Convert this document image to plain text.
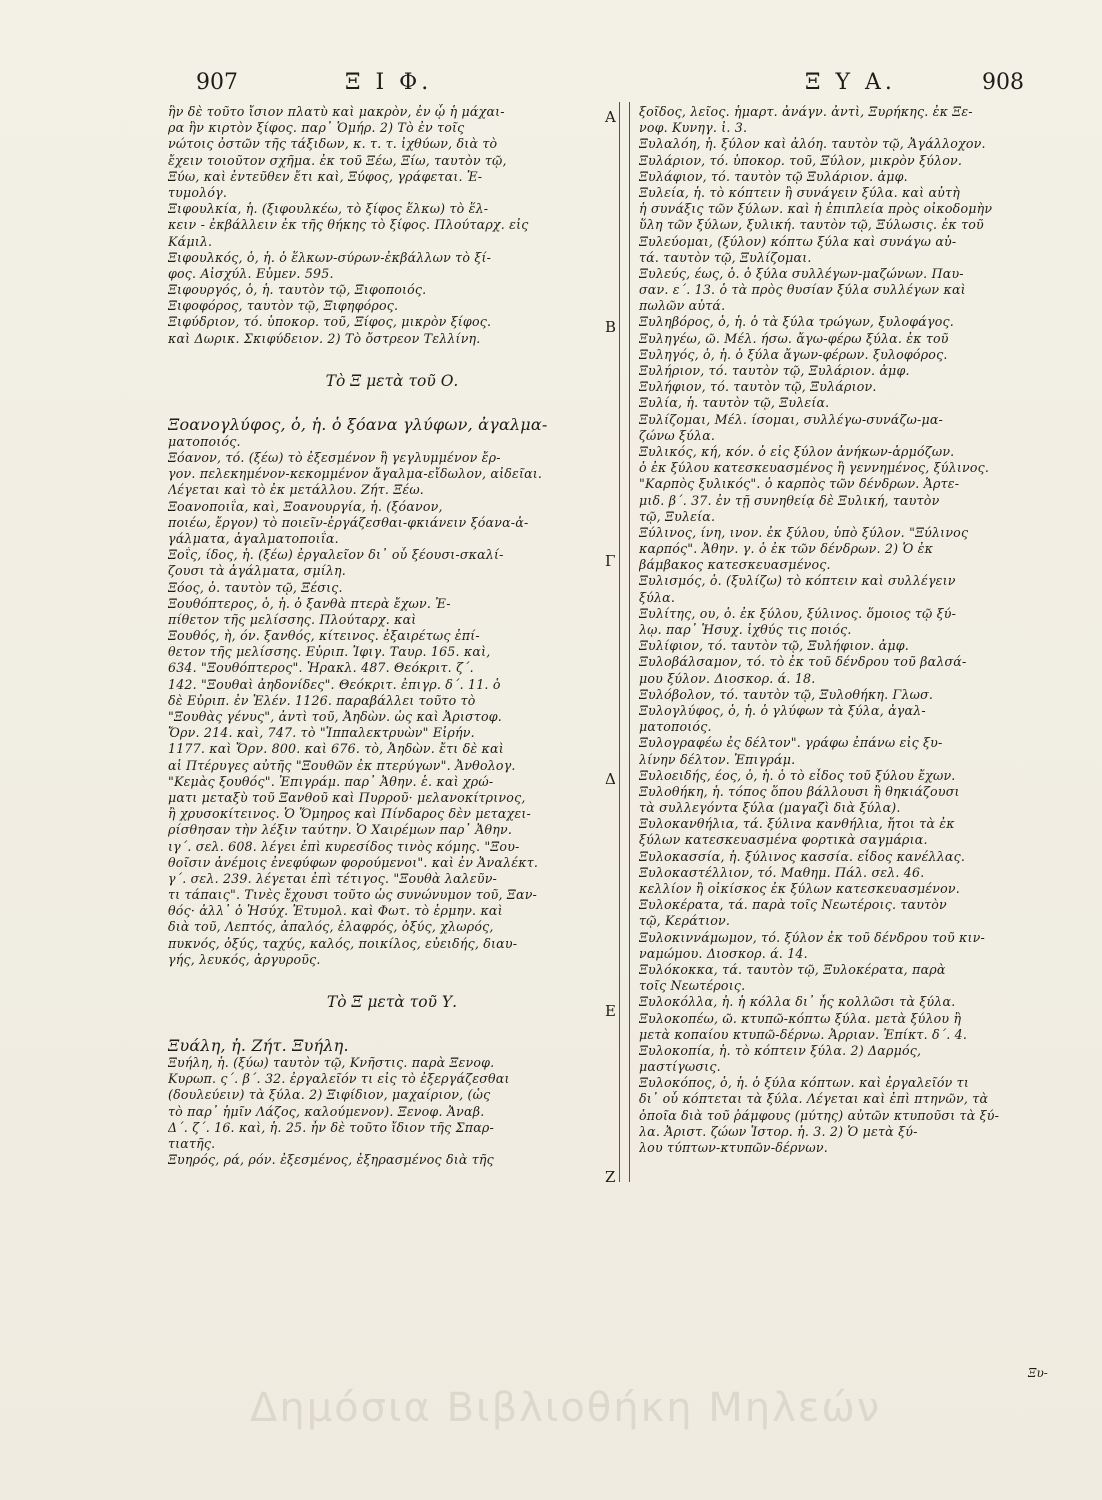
907	Ξ Ι Φ.	Ξ Υ Α.	908
ἣν δὲ τοῦτο ἴσιον πλατὺ καὶ μακρὸν, ἐν ᾧ ἡ μάχαι-
ρα ἣν κιρτὸν ξίφος. παρ᾽ Ὁμήρ. 2) Τὸ ἐν τοῖς
νώτοις ὀστῶν τῆς τάξιδων, κ. τ. τ. ἰχθύων, διὰ τὸ
ἔχειν τοιοῦτον σχῆμα. ἐκ τοῦ Ξέω, Ξίω, ταυτὸν τῷ,
Ξύω, καὶ ἐντεῦθεν ἔτι καὶ, Ξύφος, γράφεται. Ἐ-
τυμολόγ.
Ξιφουλκία, ἡ. (ξιφουλκέω, τὸ ξίφος ἕλκω) τὸ ἕλ-
κειν - ἐκβάλλειν ἐκ τῆς θήκης τὸ ξίφος. Πλούταρχ. εἰς
Κάμιλ.
Ξιφουλκός, ὁ, ἡ. ὁ ἕλκων-σύρων-ἐκβάλλων τὸ ξί-
φος. Αἰσχύλ. Εὐμεν. 595.
Ξιφουργός, ὁ, ἡ. ταυτὸν τῷ, Ξιφοποιός.
Ξιφοφόρος, ταυτὸν τῷ, Ξιφηφόρος.
Ξιφύδριον, τό. ὑποκορ. τοῦ, Ξίφος, μικρὸν ξίφος.
καὶ Δωρικ. Σκιφύδειον. 2) Τὸ ὄστρεον Τελλίνη.
Τὸ Ξ μετὰ τοῦ Ο.
Ξοανογλύφος, ὁ, ἡ. ὁ ξόανα γλύφων, ἀγαλμα-
ματοποιός.
Ξόανον, τό. (ξέω) τὸ ἐξεσμένον ἢ γεγλυμμένον ἔρ-
γον. πελεκημένον-κεκομμένον ἄγαλμα-εἴδωλον, αἰδεῖαι.
Λέγεται καὶ τὸ ἐκ μετάλλου. Ζήτ. Ξέω.
Ξοανοποιΐα, καὶ, Ξοανουργία, ἡ. (ξόανον,
ποιέω, ἔργον) τὸ ποιεῖν-ἐργάζεσθαι-φκιάνειν ξόανα-ἀ-
γάλματα, ἀγαλματοποιΐα.
Ξοΐς, ίδος, ἡ. (ξέω) ἐργαλεῖον δι᾽ οὗ ξέουσι-σκαλί-
ζουσι τὰ ἀγάλματα, σμίλη.
Ξόος, ὁ. ταυτὸν τῷ, Ξέσις.
Ξουθόπτερος, ὁ, ἡ. ὁ ξανθὰ πτερὰ ἔχων. Ἐ-
πίθετον τῆς μελίσσης. Πλούταρχ. καὶ
Ξουθός, ὴ, όν. ξανθός, κίτεινος. ἐξαιρέτως ἐπί-
θετον τῆς μελίσσης. Εὐριπ. Ἰφιγ. Ταυρ. 165. καὶ,
634. "Ξουθόπτερος". Ἡρακλ. 487. Θεόκριτ. ζ΄.
142. "Ξουθαὶ ἀηδονίδες". Θεόκριτ. ἐπιγρ. δ΄. 11. ὁ
δὲ Εὐριπ. ἐν Ἑλέν. 1126. παραβάλλει τοῦτο τὸ
"Ξουθὰς γένυς", ἀντὶ τοῦ, Ἀηδὼν. ὡς καὶ Ἀριστοφ.
Ὄρν. 214. καὶ, 747. τὸ "Ἱππαλεκτρυὼν" Εἰρήν.
1177. καὶ Ὄρν. 800. καὶ 676. τὸ, Ἀηδὼν. ἔτι δὲ καὶ
αἱ Πτέρυγες αὐτῆς "Ξουθῶν ἐκ πτερύγων". Ἀνθολογ.
"Κεμὰς ξουθός". Ἐπιγράμ. παρ᾽ Ἀθην. ἑ. καὶ χρώ-
ματι μεταξὺ τοῦ Ξανθοῦ καὶ Πυρροῦ· μελανοκίτρινος,
ἢ χρυσοκίτεινος. Ὁ Ὅμηρος καὶ Πίνδαρος δὲν μεταχει-
ρίσθησαν τὴν λέξιν ταύτην. Ὁ Χαιρέμων παρ᾽ Ἀθην.
ιγ΄. σελ. 608. λέγει ἐπὶ κυρεσίδος τινὸς κόμης. "Ξου-
θοῖσιν ἀνέμοις ἐνεφύφων φορούμενοι". καὶ ἐν Ἀναλέκτ.
γ΄. σελ. 239. λέγεται ἐπὶ τέτιγος. "Ξουθὰ λαλεῦν-
τι τάπαις". Τινὲς ἔχουσι τοῦτο ὡς συνώνυμον τοῦ, Ξαν-
θός· ἀλλ᾽ ὁ Ἡσύχ. Ἐτυμολ. καὶ Φωτ. τὸ ἑρμην. καὶ
διὰ τοῦ, Λεπτός, ἀπαλός, ἐλαφρός, ὀξύς, χλωρός,
πυκνός, ὀξύς, ταχύς, καλός, ποικίλος, εὐειδής, διαυ-
γής, λευκός, ἀργυροῦς.
Τὸ Ξ μετὰ τοῦ Υ.
Ξυάλη, ἡ. Ζήτ. Ξυήλη.
Ξυήλη, ἡ. (ξύω) ταυτὸν τῷ, Κνῆστις. παρὰ Ξενοφ.
Κυρωπ. ς΄. β΄. 32. ἐργαλεῖόν τι εἰς τὸ ἐξεργάζεσθαι
(δουλεύειν) τὰ ξύλα. 2) Ξιφίδιον, μαχαίριον, (ὡς
τὸ παρ᾽ ἡμῖν Λάζος, καλούμενον). Ξενοφ. Ἀναβ.
Δ΄. ζ΄. 16. καὶ, ἡ. 25. ἦν δὲ τοῦτο ἴδιον τῆς Σπαρ-
τιατῆς.
Ξυηρός, ρά, ρόν. ἐξεσμένος, ἐξηρασμένος διὰ τῆς
ξοῖδος, λεῖος. ἡμαρτ. ἀνάγν. ἀντὶ, Ξυρήκης. ἐκ Ξε-
νοφ. Κυνηγ. ἰ. 3.
Ξυλαλόη, ἡ. ξύλον καὶ ἀλόη. ταυτὸν τῷ, Ἀγάλλοχον.
Ξυλάριον, τό. ὑποκορ. τοῦ, Ξύλον, μικρὸν ξύλον.
Ξυλάφιον, τό. ταυτὸν τῷ Ξυλάριον. ἀμφ.
Ξυλεία, ἡ. τὸ κόπτειν ἢ συνάγειν ξύλα. καὶ αὐτὴ
ἡ συνάξις τῶν ξύλων. καὶ ἡ ἐπιπλεία πρὸς οἰκοδομὴν
ὕλη τῶν ξύλων, ξυλική. ταυτὸν τῷ, Ξύλωσις. ἐκ τοῦ
Ξυλεύομαι, (ξύλον) κόπτω ξύλα καὶ συνάγω αὐ-
τά. ταυτὸν τῷ, Ξυλίζομαι.
Ξυλεύς, έως, ὁ. ὁ ξύλα συλλέγων-μαζώνων. Παυ-
σαν. ε΄. 13. ὁ τὰ πρὸς θυσίαν ξύλα συλλέγων καὶ
πωλῶν αὐτά.
Ξυληβόρος, ὁ, ἡ. ὁ τὰ ξύλα τρώγων, ξυλοφάγος.
Ξυληγέω, ῶ. Μέλ. ήσω. ἄγω-φέρω ξύλα. ἐκ τοῦ
Ξυληγός, ὁ, ἡ. ὁ ξύλα ἄγων-φέρων. ξυλοφόρος.
Ξυλήριον, τό. ταυτὸν τῷ, Ξυλάριον. ἀμφ.
Ξυλήφιον, τό. ταυτὸν τῷ, Ξυλάριον.
Ξυλία, ἡ. ταυτὸν τῷ, Ξυλεία.
Ξυλίζομαι, Μέλ. ίσομαι, συλλέγω-συνάζω-μα-
ζώνω ξύλα.
Ξυλικός, κή, κόν. ὁ εἰς ξύλον ἀνήκων-ἁρμόζων.
ὁ ἐκ ξύλου κατεσκευασμένος ἢ γεννημένος, ξύλινος.
"Καρπὸς ξυλικός". ὁ καρπὸς τῶν δένδρων. Ἀρτε-
μιδ. β΄. 37. ἐν τῇ συνηθείᾳ δὲ Ξυλική, ταυτὸν
τῷ, Ξυλεία.
Ξύλινος, ίνη, ινον. ἐκ ξύλου, ὑπὸ ξύλον. "Ξύλινος
καρπός". Ἀθην. γ. ὁ ἐκ τῶν δένδρων. 2) Ὁ ἐκ
βάμβακος κατεσκευασμένος.
Ξυλισμός, ὁ. (ξυλίζω) τὸ κόπτειν καὶ συλλέγειν
ξύλα.
Ξυλίτης, ου, ὁ. ἐκ ξύλου, ξύλινος. ὅμοιος τῷ ξύ-
λῳ. παρ᾽ Ἡσυχ. ἰχθύς τις ποιός.
Ξυλίφιον, τό. ταυτὸν τῷ, Ξυλήφιον. ἀμφ.
Ξυλοβάλσαμον, τό. τὸ ἐκ τοῦ δένδρου τοῦ βαλσά-
μου ξύλον. Διοσκορ. ά. 18.
Ξυλόβολον, τό. ταυτὸν τῷ, Ξυλοθήκη. Γλωσ.
Ξυλογλύφος, ὁ, ἡ. ὁ γλύφων τὰ ξύλα, ἀγαλ-
ματοποιός.
Ξυλογραφέω ἐς δέλτον". γράφω ἐπάνω εἰς ξυ-
λίνην δέλτον. Ἐπιγράμ.
Ξυλοειδής, έος, ὁ, ἡ. ὁ τὸ εἶδος τοῦ ξύλου ἔχων.
Ξυλοθήκη, ἡ. τόπος ὅπου βάλλουσι ἢ θηκιάζουσι
τὰ συλλεγόντα ξύλα (μαγαζὶ διὰ ξύλα).
Ξυλοκανθήλια, τά. ξύλινα κανθήλια, ἤτοι τὰ ἐκ
ξύλων κατεσκευασμένα φορτικὰ σαγμάρια.
Ξυλοκασσία, ἡ. ξύλινος κασσία. εἶδος κανέλλας.
Ξυλοκαστέλλιον, τό. Μαθημ. Πάλ. σελ. 46.
κελλίον ἢ οἰκίσκος ἐκ ξύλων κατεσκευασμένον.
Ξυλοκέρατα, τά. παρὰ τοῖς Νεωτέροις. ταυτὸν
τῷ, Κεράτιον.
Ξυλοκιννάμωμον, τό. ξύλον ἐκ τοῦ δένδρου τοῦ κιν-
ναμώμου. Διοσκορ. ά. 14.
Ξυλόκοκκα, τά. ταυτὸν τῷ, Ξυλοκέρατα, παρὰ
τοῖς Νεωτέροις.
Ξυλοκόλλα, ἡ. ἡ κόλλα δι᾽ ἧς κολλῶσι τὰ ξύλα.
Ξυλοκοπέω, ῶ. κτυπῶ-κόπτω ξύλα. μετὰ ξύλου ἢ
μετὰ κοπαίου κτυπῶ-δέρνω. Ἀρριαν. Ἐπίκτ. δ΄. 4.
Ξυλοκοπία, ἡ. τὸ κόπτειν ξύλα. 2) Δαρμός,
μαστίγωσις.
Ξυλοκόπος, ὁ, ἡ. ὁ ξύλα κόπτων. καὶ ἐργαλεῖόν τι
δι᾽ οὗ κόπτεται τὰ ξύλα. Λέγεται καὶ ἐπὶ πτηνῶν, τὰ
ὁποῖα διὰ τοῦ ῥάμφους (μύτης) αὐτῶν κτυποῦσι τὰ ξύ-
λα. Ἀριστ. ζώων Ἱστορ. ἡ. 3. 2) Ὁ μετὰ ξύ-
λου τύπτων-κτυπῶν-δέρνων.
Α
Β
Γ
Δ
Ε
Ζ
Ξυ-
Δημόσια Βιβλιοθήκη Μηλεών
